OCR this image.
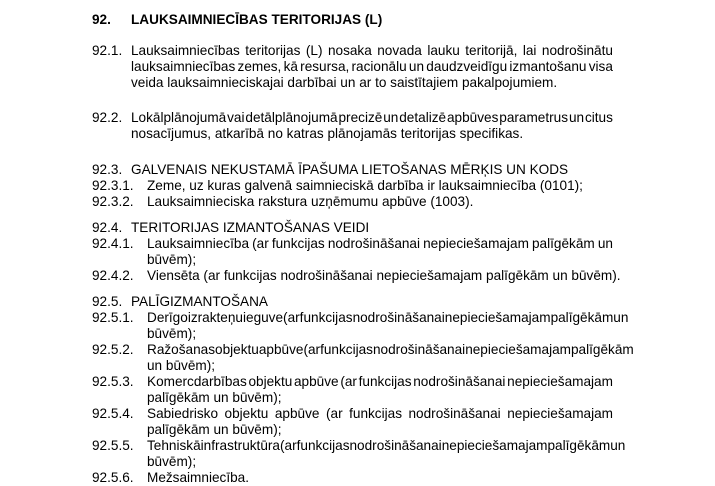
92. LAUKSAIMNIECĪBAS TERITORIJAS (L)
92.1. Lauksaimniecības teritorijas (L) nosaka novada lauku teritorijā, lai nodrošinātu
lauksaimniecības zemes, kā resursa, racionālu un daudzveidīgu izmantošanu visa
veida lauksaimnieciskajai darbībai un ar to saistītajiem pakalpojumiem.
92.2. Lokālplānojumā vai detālplānojumā precizē un detalizē apbūves parametrus un citus
nosacījumus, atkarībā no katras plānojamās teritorijas specifikas.
92.3. GALVENAIS NEKUSTAMĀ ĪPAŠUMA LIETOŠANAS MĒRĶIS UN KODS
92.3.1. Zeme, uz kuras galvenā saimnieciskā darbība ir lauksaimniecība (0101);
92.3.2. Lauksaimnieciska rakstura uzņēmumu apbūve (1003).
92.4. TERITORIJAS IZMANTOŠANAS VEIDI
92.4.1. Lauksaimniecība (ar funkcijas nodrošināšanai nepieciešamajam palīgēkām un
būvēm);
92.4.2. Viensēta (ar funkcijas nodrošināšanai nepieciešamajam palīgēkām un būvēm).
92.5. PALĪGIZMANTOŠANA
92.5.1. Derīgo izrakteņu ieguve (ar funkcijas nodrošināšanai nepieciešamajam palīgēkām un
būvēm);
92.5.2. Ražošanas objektu apbūve (ar funkcijas nodrošināšanai nepieciešamajam palīgēkām
un būvēm);
92.5.3. Komercdarbības objektu apbūve (ar funkcijas nodrošināšanai nepieciešamajam
palīgēkām un būvēm);
92.5.4. Sabiedrisko objektu apbūve (ar funkcijas nodrošināšanai nepieciešamajam
palīgēkām un būvēm);
92.5.5. Tehniskā infrastruktūra (ar funkcijas nodrošināšanai nepieciešamajam palīgēkām un
būvēm);
92.5.6. Mežsaimniecība.
